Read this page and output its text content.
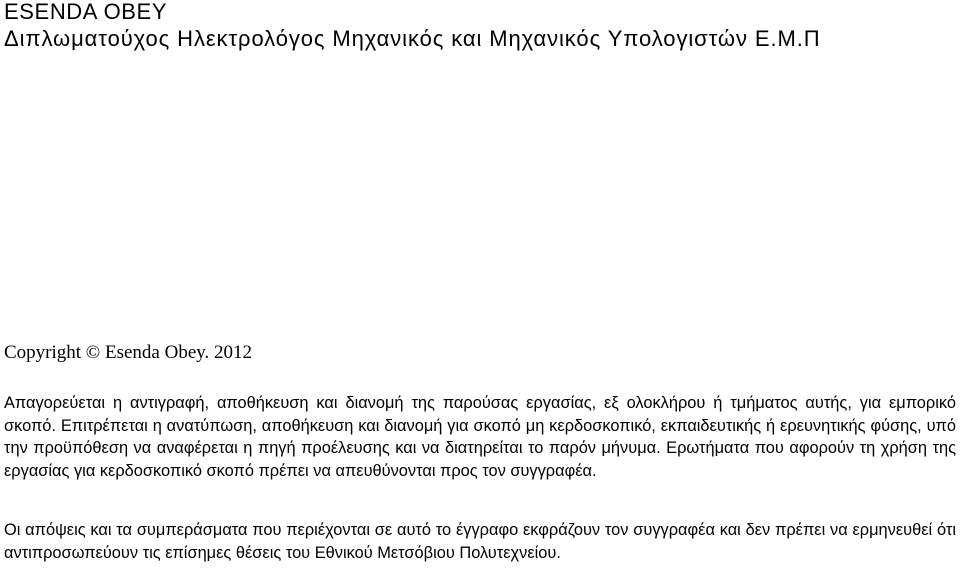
ESENDA OBEY
Διπλωματούχος Ηλεκτρολόγος Μηχανικός και Μηχανικός Υπολογιστών Ε.Μ.Π
Copyright © Esenda Obey. 2012

Απαγορεύεται η αντιγραφή, αποθήκευση και διανομή της παρούσας εργασίας, εξ ολοκλήρου ή τμήματος αυτής, για εμπορικό σκοπό. Επιτρέπεται η ανατύπωση, αποθήκευση και διανομή για σκοπό μη κερδοσκοπικό, εκπαιδευτικής ή ερευνητικής φύσης, υπό την προϋπόθεση να αναφέρεται η πηγή προέλευσης και να διατηρείται το παρόν μήνυμα. Ερωτήματα που αφορούν τη χρήση της εργασίας για κερδοσκοπικό σκοπό πρέπει να απευθύνονται προς τον συγγραφέα.

Οι απόψεις και τα συμπεράσματα που περιέχονται σε αυτό το έγγραφο εκφράζουν τον συγγραφέα και δεν πρέπει να ερμηνευθεί ότι αντιπροσωπεύουν τις επίσημες θέσεις του Εθνικού Μετσόβιου Πολυτεχνείου.
